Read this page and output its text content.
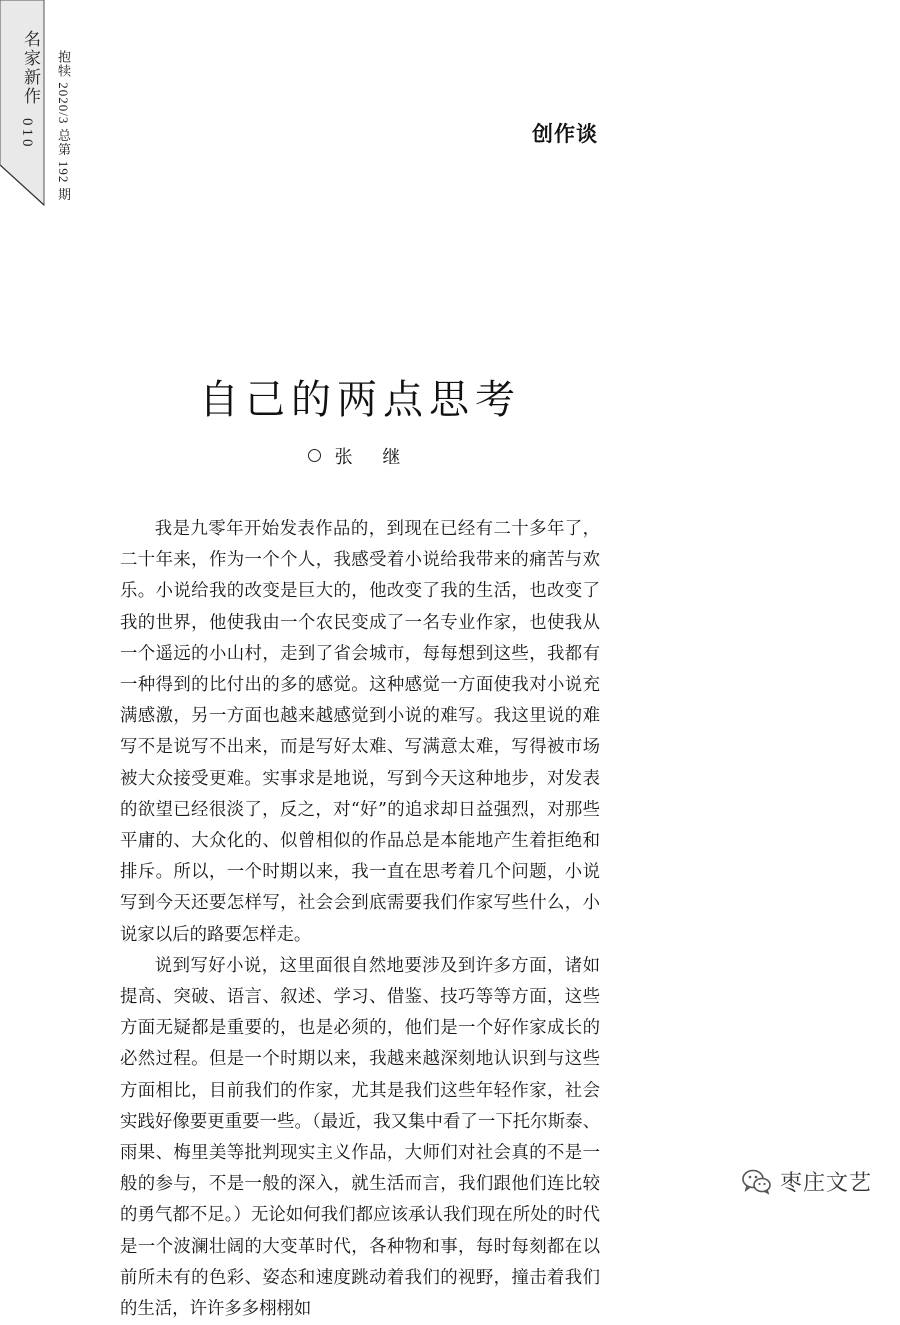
名家新作
010 抱犊 2020/3 总第 192 期	创作谈
自己的两点思考
张 继

我是九零年开始发表作品的，到现在已经有二十多年了，二十年来，作为一个个人，我感受着小说给我带来的痛苦与欢乐。小说给我的改变是巨大的，他改变了我的生活，也改变了我的世界，他使我由一个农民变成了一名专业作家，也使我从一个遥远的小山村，走到了省会城市，每每想到这些，我都有一种得到的比付出的多的感觉。这种感觉一方面使我对小说充满感激，另一方面也越来越感觉到小说的难写。我这里说的难写不是说写不出来，而是写好太难、写满意太难，写得被市场被大众接受更难。实事求是地说，写到今天这种地步，对发表的欲望已经很淡了，反之，对“好”的追求却日益强烈，对那些平庸的、大众化的、似曾相似的作品总是本能地产生着拒绝和排斥。所以，一个时期以来，我一直在思考着几个问题，小说写到今天还要怎样写，社会会到底需要我们作家写些什么，小说家以后的路要怎样走。

说到写好小说，这里面很自然地要涉及到许多方面，诸如提高、突破、语言、叙述、学习、借鉴、技巧等等方面，这些方面无疑都是重要的，也是必须的，他们是一个好作家成长的必然过程。但是一个时期以来，我越来越深刻地认识到与这些方面相比，目前我们的作家，尤其是我们这些年轻作家，社会实践好像要更重要一些。（最近，我又集中看了一下托尔斯泰、雨果、梅里美等批判现实主义作品，大师们对社会真的不是一般的参与，不是一般的深入，就生活而言，我们跟他们连比较的勇气都不足。）无论如何我们都应该承认我们现在所处的时代是一个波澜壮阔的大变革时代，各种物和事，每时每刻都在以前所未有的色彩、姿态和速度跳动着我们的视野，撞击着我们的生活，许许多多栩栩如

枣庄文艺
